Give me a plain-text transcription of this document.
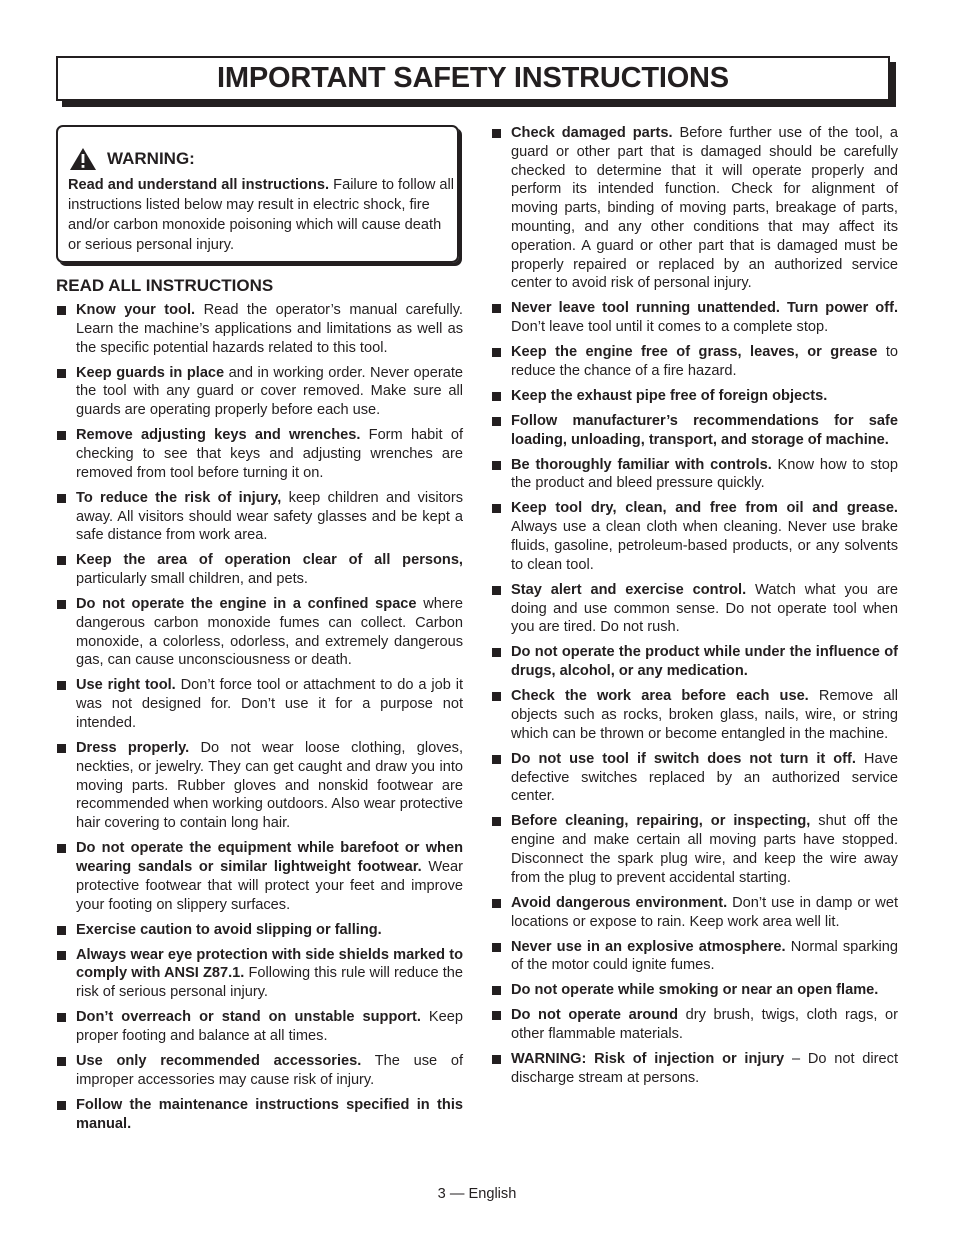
IMPORTANT SAFETY INSTRUCTIONS
WARNING:
Read and understand all instructions. Failure to follow all instructions listed below may result in electric shock, fire and/or carbon monoxide poisoning which will cause death or serious personal injury.
READ ALL INSTRUCTIONS
Know your tool. Read the operator’s manual carefully. Learn the machine’s applications and limitations as well as the specific potential hazards related to this tool.
Keep guards in place and in working order. Never operate the tool with any guard or cover removed. Make sure all guards are operating properly before each use.
Remove adjusting keys and wrenches. Form habit of checking to see that keys and adjusting wrenches are removed from tool before turning it on.
To reduce the risk of injury, keep children and visitors away. All visitors should wear safety glasses and be kept a safe distance from work area.
Keep the area of operation clear of all persons, particularly small children, and pets.
Do not operate the engine in a confined space where dangerous carbon monoxide fumes can collect. Carbon monoxide, a colorless, odorless, and extremely dangerous gas, can cause unconsciousness or death.
Use right tool. Don’t force tool or attachment to do a job it was not designed for. Don’t use it for a purpose not intended.
Dress properly. Do not wear loose clothing, gloves, neckties, or jewelry. They can get caught and draw you into moving parts. Rubber gloves and nonskid footwear are recommended when working outdoors. Also wear protective hair covering to contain long hair.
Do not operate the equipment while barefoot or when wearing sandals or similar lightweight footwear. Wear protective footwear that will protect your feet and improve your footing on slippery surfaces.
Exercise caution to avoid slipping or falling.
Always wear eye protection with side shields marked to comply with ANSI Z87.1. Following this rule will reduce the risk of serious personal injury.
Don’t overreach or stand on unstable support. Keep proper footing and balance at all times.
Use only recommended accessories. The use of improper accessories may cause risk of injury.
Follow the maintenance instructions specified in this manual.
Check damaged parts. Before further use of the tool, a guard or other part that is damaged should be carefully checked to determine that it will operate properly and perform its intended function. Check for alignment of moving parts, binding of moving parts, breakage of parts, mounting, and any other conditions that may affect its operation. A guard or other part that is damaged must be properly repaired or replaced by an authorized service center to avoid risk of personal injury.
Never leave tool running unattended. Turn power off. Don’t leave tool until it comes to a complete stop.
Keep the engine free of grass, leaves, or grease to reduce the chance of a fire hazard.
Keep the exhaust pipe free of foreign objects.
Follow manufacturer’s recommendations for safe loading, unloading, transport, and storage of machine.
Be thoroughly familiar with controls. Know how to stop the product and bleed pressure quickly.
Keep tool dry, clean, and free from oil and grease. Always use a clean cloth when cleaning. Never use brake fluids, gasoline, petroleum-based products, or any solvents to clean tool.
Stay alert and exercise control. Watch what you are doing and use common sense. Do not operate tool when you are tired. Do not rush.
Do not operate the product while under the influence of drugs, alcohol, or any medication.
Check the work area before each use. Remove all objects such as rocks, broken glass, nails, wire, or string which can be thrown or become entangled in the machine.
Do not use tool if switch does not turn it off. Have defective switches replaced by an authorized service center.
Before cleaning, repairing, or inspecting, shut off the engine and make certain all moving parts have stopped. Disconnect the spark plug wire, and keep the wire away from the plug to prevent accidental starting.
Avoid dangerous environment. Don’t use in damp or wet locations or expose to rain. Keep work area well lit.
Never use in an explosive atmosphere. Normal sparking of the motor could ignite fumes.
Do not operate while smoking or near an open flame.
Do not operate around dry brush, twigs, cloth rags, or other flammable materials.
WARNING: Risk of injection or injury – Do not direct discharge stream at persons.
3 — English
